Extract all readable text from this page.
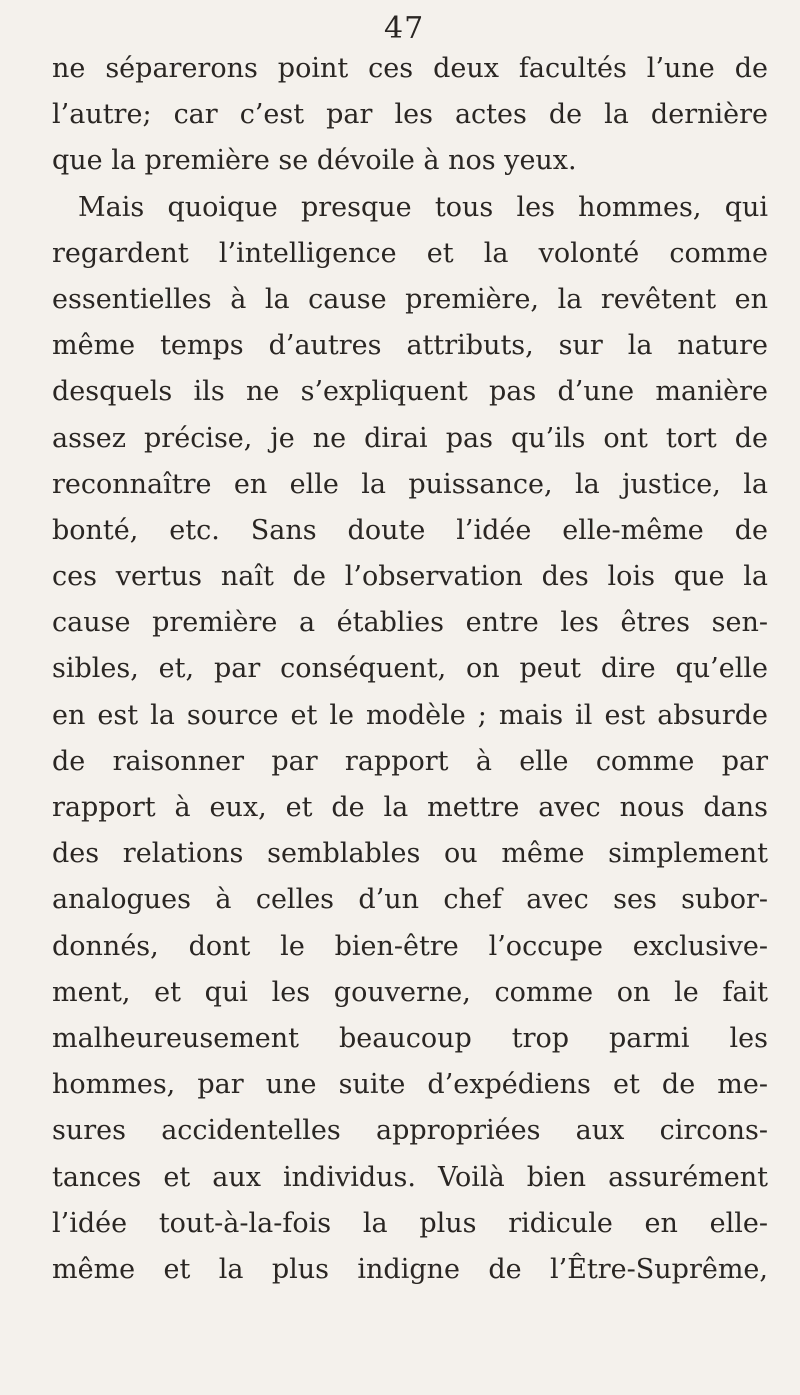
47
ne séparerons point ces deux facultés l’une de
l’autre; car c’est par les actes de la dernière
que la première se dévoile à nos yeux.
Mais quoique presque tous les hommes, qui
regardent l’intelligence et la volonté comme
essentielles à la cause première, la revêtent en
même temps d’autres attributs, sur la nature
desquels ils ne s’expliquent pas d’une manière
assez précise, je ne dirai pas qu’ils ont tort de
reconnaître en elle la puissance, la justice, la
bonté, etc. Sans doute l’idée elle-même de
ces vertus naît de l’observation des lois que la
cause première a établies entre les êtres sen-
sibles, et, par conséquent, on peut dire qu’elle
en est la source et le modèle ; mais il est absurde
de raisonner par rapport à elle comme par
rapport à eux, et de la mettre avec nous dans
des relations semblables ou même simplement
analogues à celles d’un chef avec ses subor-
donnés, dont le bien-être l’occupe exclusive-
ment, et qui les gouverne, comme on le fait
malheureusement beaucoup trop parmi les
hommes, par une suite d’expédiens et de me-
sures accidentelles appropriées aux circons-
tances et aux individus. Voilà bien assurément
l’idée tout-à-la-fois la plus ridicule en elle-
même et la plus indigne de l’Être-Suprême,
